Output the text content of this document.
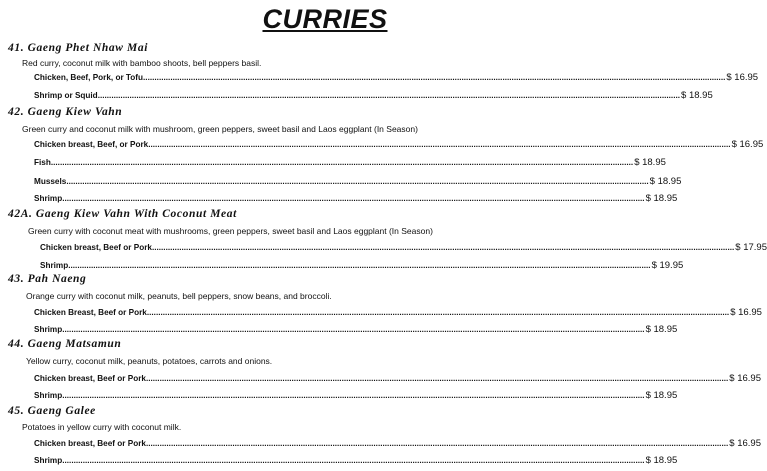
CURRIES
41. Gaeng Phet Nhaw Mai
Red curry, coconut milk with bamboo shoots, bell peppers basil.
Chicken, Beef, Pork, or Tofu ................................................................................................................................................................................................................................................................ $ 16.95
Shrimp or Squid ................................................................................................................................................................................................................................................................ $ 18.95
42. Gaeng Kiew Vahn
Green curry and coconut milk with mushroom, green peppers, sweet basil and Laos eggplant (In Season)
Chicken breast, Beef, or Pork ................................................................................................................................................................................................................................................................ $ 16.95
Fish ................................................................................................................................................................................................................................................................ $ 18.95
Mussels ................................................................................................................................................................................................................................................................ $ 18.95
Shrimp ................................................................................................................................................................................................................................................................ $ 18.95
42A. Gaeng Kiew Vahn With Coconut Meat
Green curry with coconut meat with mushrooms, green peppers, sweet basil and Laos eggplant (In Season)
Chicken breast, Beef or Pork ................................................................................................................................................................................................................................................................ $ 17.95
Shrimp ................................................................................................................................................................................................................................................................ $ 19.95
43. Pah Naeng
Orange curry with coconut milk, peanuts, bell peppers, snow beans, and broccoli.
Chicken Breast, Beef or Pork ................................................................................................................................................................................................................................................................ $ 16.95
Shrimp ................................................................................................................................................................................................................................................................ $ 18.95
44. Gaeng Matsamun
Yellow curry, coconut milk, peanuts, potatoes, carrots and onions.
Chicken breast, Beef or Pork ................................................................................................................................................................................................................................................................ $ 16.95
Shrimp ................................................................................................................................................................................................................................................................ $ 18.95
45. Gaeng Galee
Potatoes in yellow curry with coconut milk.
Chicken breast, Beef or Pork ................................................................................................................................................................................................................................................................ $ 16.95
Shrimp ................................................................................................................................................................................................................................................................ $ 18.95
